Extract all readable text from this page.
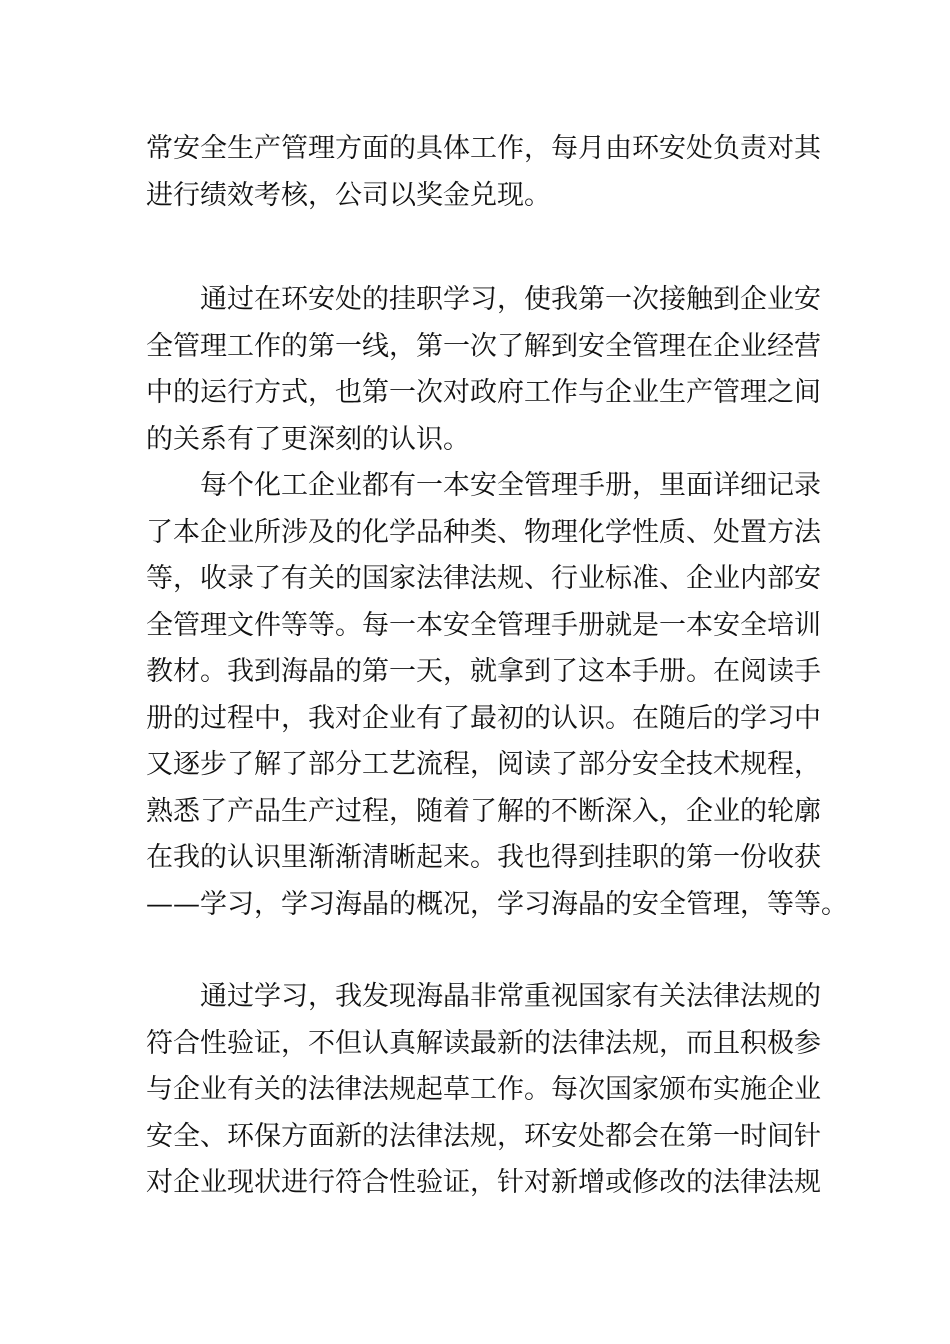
常安全生产管理方面的具体工作，每月由环安处负责对其
进行绩效考核，公司以奖金兑现。
　　通过在环安处的挂职学习，使我第一次接触到企业安
全管理工作的第一线，第一次了解到安全管理在企业经营
中的运行方式，也第一次对政府工作与企业生产管理之间
的关系有了更深刻的认识。
　　每个化工企业都有一本安全管理手册，里面详细记录
了本企业所涉及的化学品种类、物理化学性质、处置方法
等，收录了有关的国家法律法规、行业标准、企业内部安
全管理文件等等。每一本安全管理手册就是一本安全培训
教材。我到海晶的第一天，就拿到了这本手册。在阅读手
册的过程中，我对企业有了最初的认识。在随后的学习中
又逐步了解了部分工艺流程，阅读了部分安全技术规程，
熟悉了产品生产过程，随着了解的不断深入，企业的轮廓
在我的认识里渐渐清晰起来。我也得到挂职的第一份收获
——学习，学习海晶的概况，学习海晶的安全管理，等等。
　　通过学习，我发现海晶非常重视国家有关法律法规的
符合性验证，不但认真解读最新的法律法规，而且积极参
与企业有关的法律法规起草工作。每次国家颁布实施企业
安全、环保方面新的法律法规，环安处都会在第一时间针
对企业现状进行符合性验证，针对新增或修改的法律法规
